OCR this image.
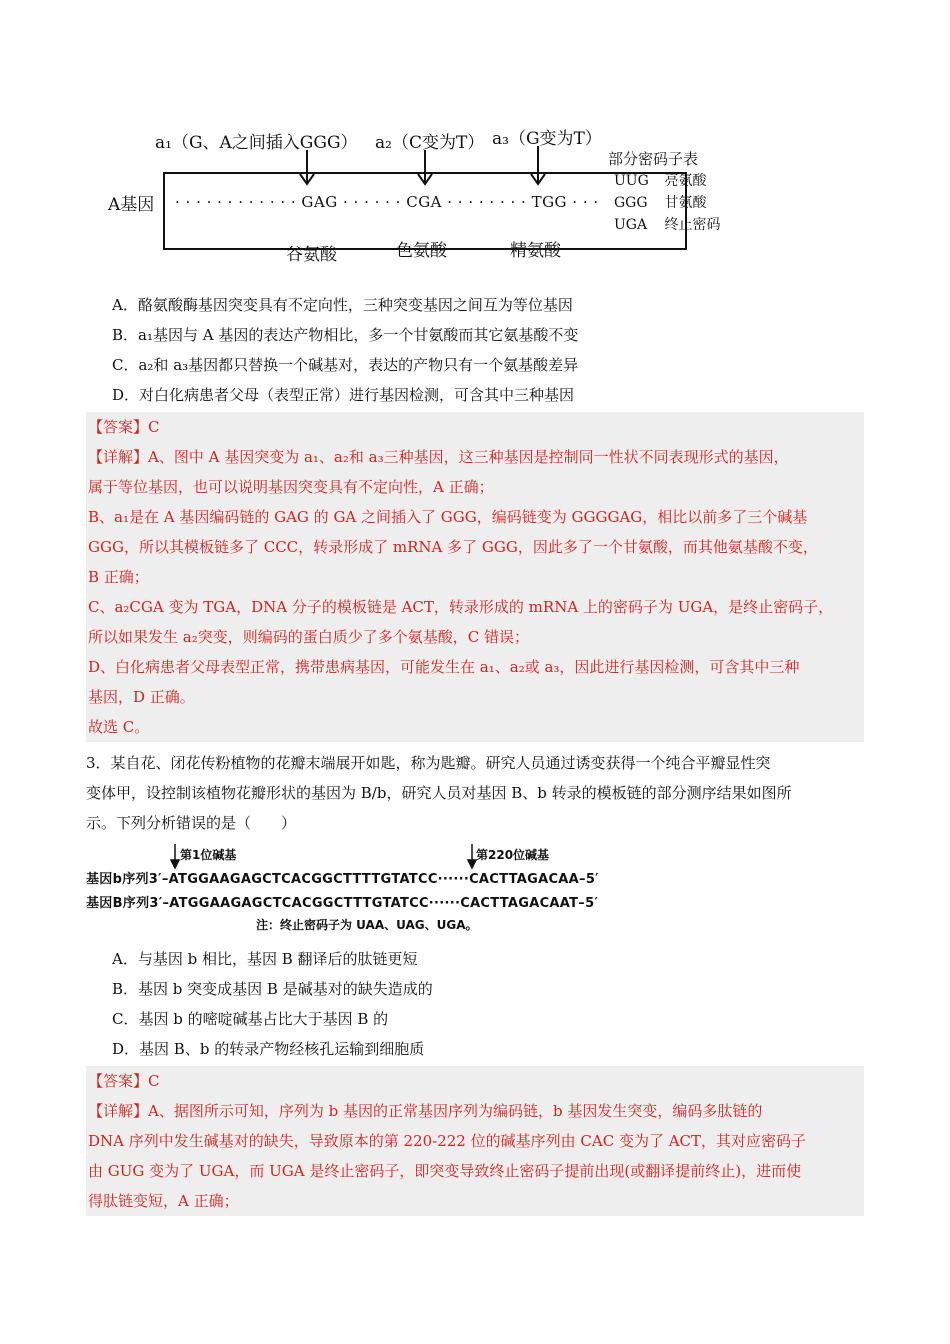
a₁（G、A之间插入GGG） a₂（C变为T） a₃（G变为T）
A基因 · · · · · · · · · · · · GAG · · · · · · CGA · · · · · · · · TGG · · ·
谷氨酸	色氨酸	精氨酸
部分密码子表
UUG 亮氨酸
GGG 甘氨酸
UGA 终止密码
A．酪氨酸酶基因突变具有不定向性，三种突变基因之间互为等位基因
B．a₁基因与 A 基因的表达产物相比，多一个甘氨酸而其它氨基酸不变
C．a₂和 a₃基因都只替换一个碱基对，表达的产物只有一个氨基酸差异
D．对白化病患者父母（表型正常）进行基因检测，可含其中三种基因

【答案】C

【详解】A、图中 A 基因突变为 a₁、a₂和 a₃三种基因，这三种基因是控制同一性状不同表现形式的基因，

属于等位基因，也可以说明基因突变具有不定向性，A 正确；

B、a₁是在 A 基因编码链的 GAG 的 GA 之间插入了 GGG，编码链变为 GGGGAG，相比以前多了三个碱基

GGG，所以其模板链多了 CCC，转录形成了 mRNA 多了 GGG，因此多了一个甘氨酸，而其他氨基酸不变，

B 正确；

C、a₂CGA 变为 TGA，DNA 分子的模板链是 ACT，转录形成的 mRNA 上的密码子为 UGA，是终止密码子，

所以如果发生 a₂突变，则编码的蛋白质少了多个氨基酸，C 错误；

D、白化病患者父母表型正常，携带患病基因，可能发生在 a₁、a₂或 a₃，因此进行基因检测，可含其中三种

基因，D 正确。

故选 C。

3．某自花、闭花传粉植物的花瓣末端展开如匙，称为匙瓣。研究人员通过诱变获得一个纯合平瓣显性突
变体甲，设控制该植物花瓣形状的基因为 B/b，研究人员对基因 B、b 转录的模板链的部分测序结果如图所
示。下列分析错误的是（　　）
第1位碱基	第220位碱基
基因b序列3′–ATGGAAGAGCTCACGGCTTTTGTATCC······CACTTAGACAA–5′
基因B序列3′–ATGGAAGAGCTCACGGCTTTGTATCC······CACTTAGACAAT–5′
注：终止密码子为 UAA、UAG、UGA。
A．与基因 b 相比，基因 B 翻译后的肽链更短
B．基因 b 突变成基因 B 是碱基对的缺失造成的
C．基因 b 的嘧啶碱基占比大于基因 B 的
D．基因 B、b 的转录产物经核孔运输到细胞质

【答案】C

【详解】A、据图所示可知，序列为 b 基因的正常基因序列为编码链，b 基因发生突变，编码多肽链的

DNA 序列中发生碱基对的缺失，导致原本的第 220-222 位的碱基序列由 CAC 变为了 ACT，其对应密码子

由 GUG 变为了 UGA，而 UGA 是终止密码子，即突变导致终止密码子提前出现(或翻译提前终止)，进而使

得肽链变短，A 正确；
